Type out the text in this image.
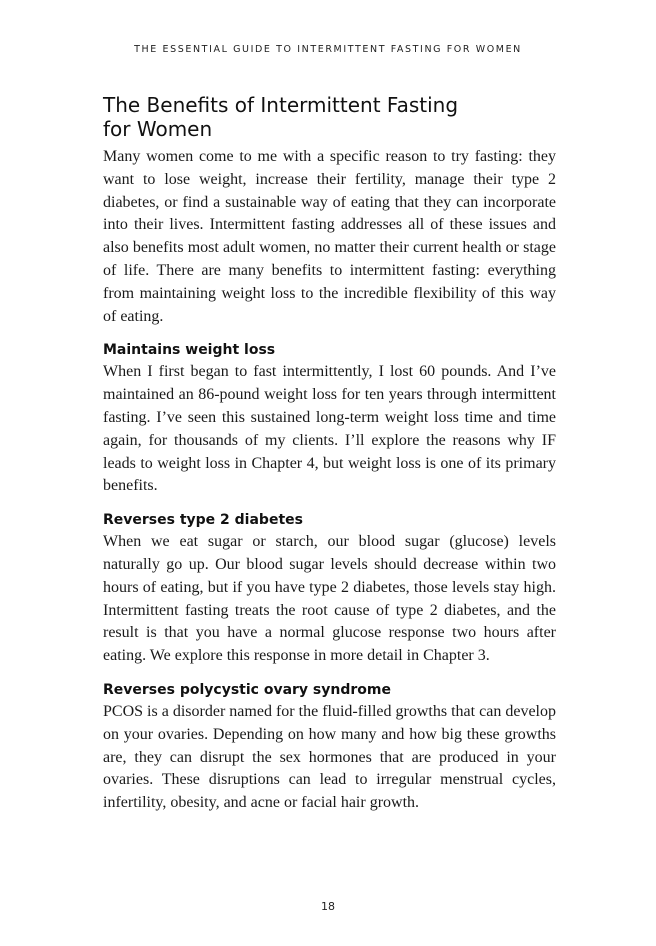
THE ESSENTIAL GUIDE TO INTERMITTENT FASTING FOR WOMEN
The Benefits of Intermittent Fasting
for Women

Many women come to me with a specific reason to try fasting: they want to lose weight, increase their fertility, manage their type 2 diabetes, or find a sustainable way of eating that they can incorporate into their lives. Intermittent fasting addresses all of these issues and also benefits most adult women, no matter their current health or stage of life. There are many benefits to intermittent fasting: everything from maintaining weight loss to the incredible flexibility of this way of eating.

Maintains weight loss

When I first began to fast intermittently, I lost 60 pounds. And I’ve maintained an 86-pound weight loss for ten years through intermittent fasting. I’ve seen this sustained long-term weight loss time and time again, for thousands of my clients. I’ll explore the reasons why IF leads to weight loss in Chapter 4, but weight loss is one of its primary benefits.

Reverses type 2 diabetes

When we eat sugar or starch, our blood sugar (glucose) levels naturally go up. Our blood sugar levels should decrease within two hours of eating, but if you have type 2 diabetes, those levels stay high. Intermittent fasting treats the root cause of type 2 diabetes, and the result is that you have a normal glucose response two hours after eating. We explore this response in more detail in Chapter 3.

Reverses polycystic ovary syndrome

PCOS is a disorder named for the fluid-filled growths that can develop on your ovaries. Depending on how many and how big these growths are, they can disrupt the sex hormones that are produced in your ovaries. These disruptions can lead to irregular menstrual cycles, infertility, obesity, and acne or facial hair growth.

18
